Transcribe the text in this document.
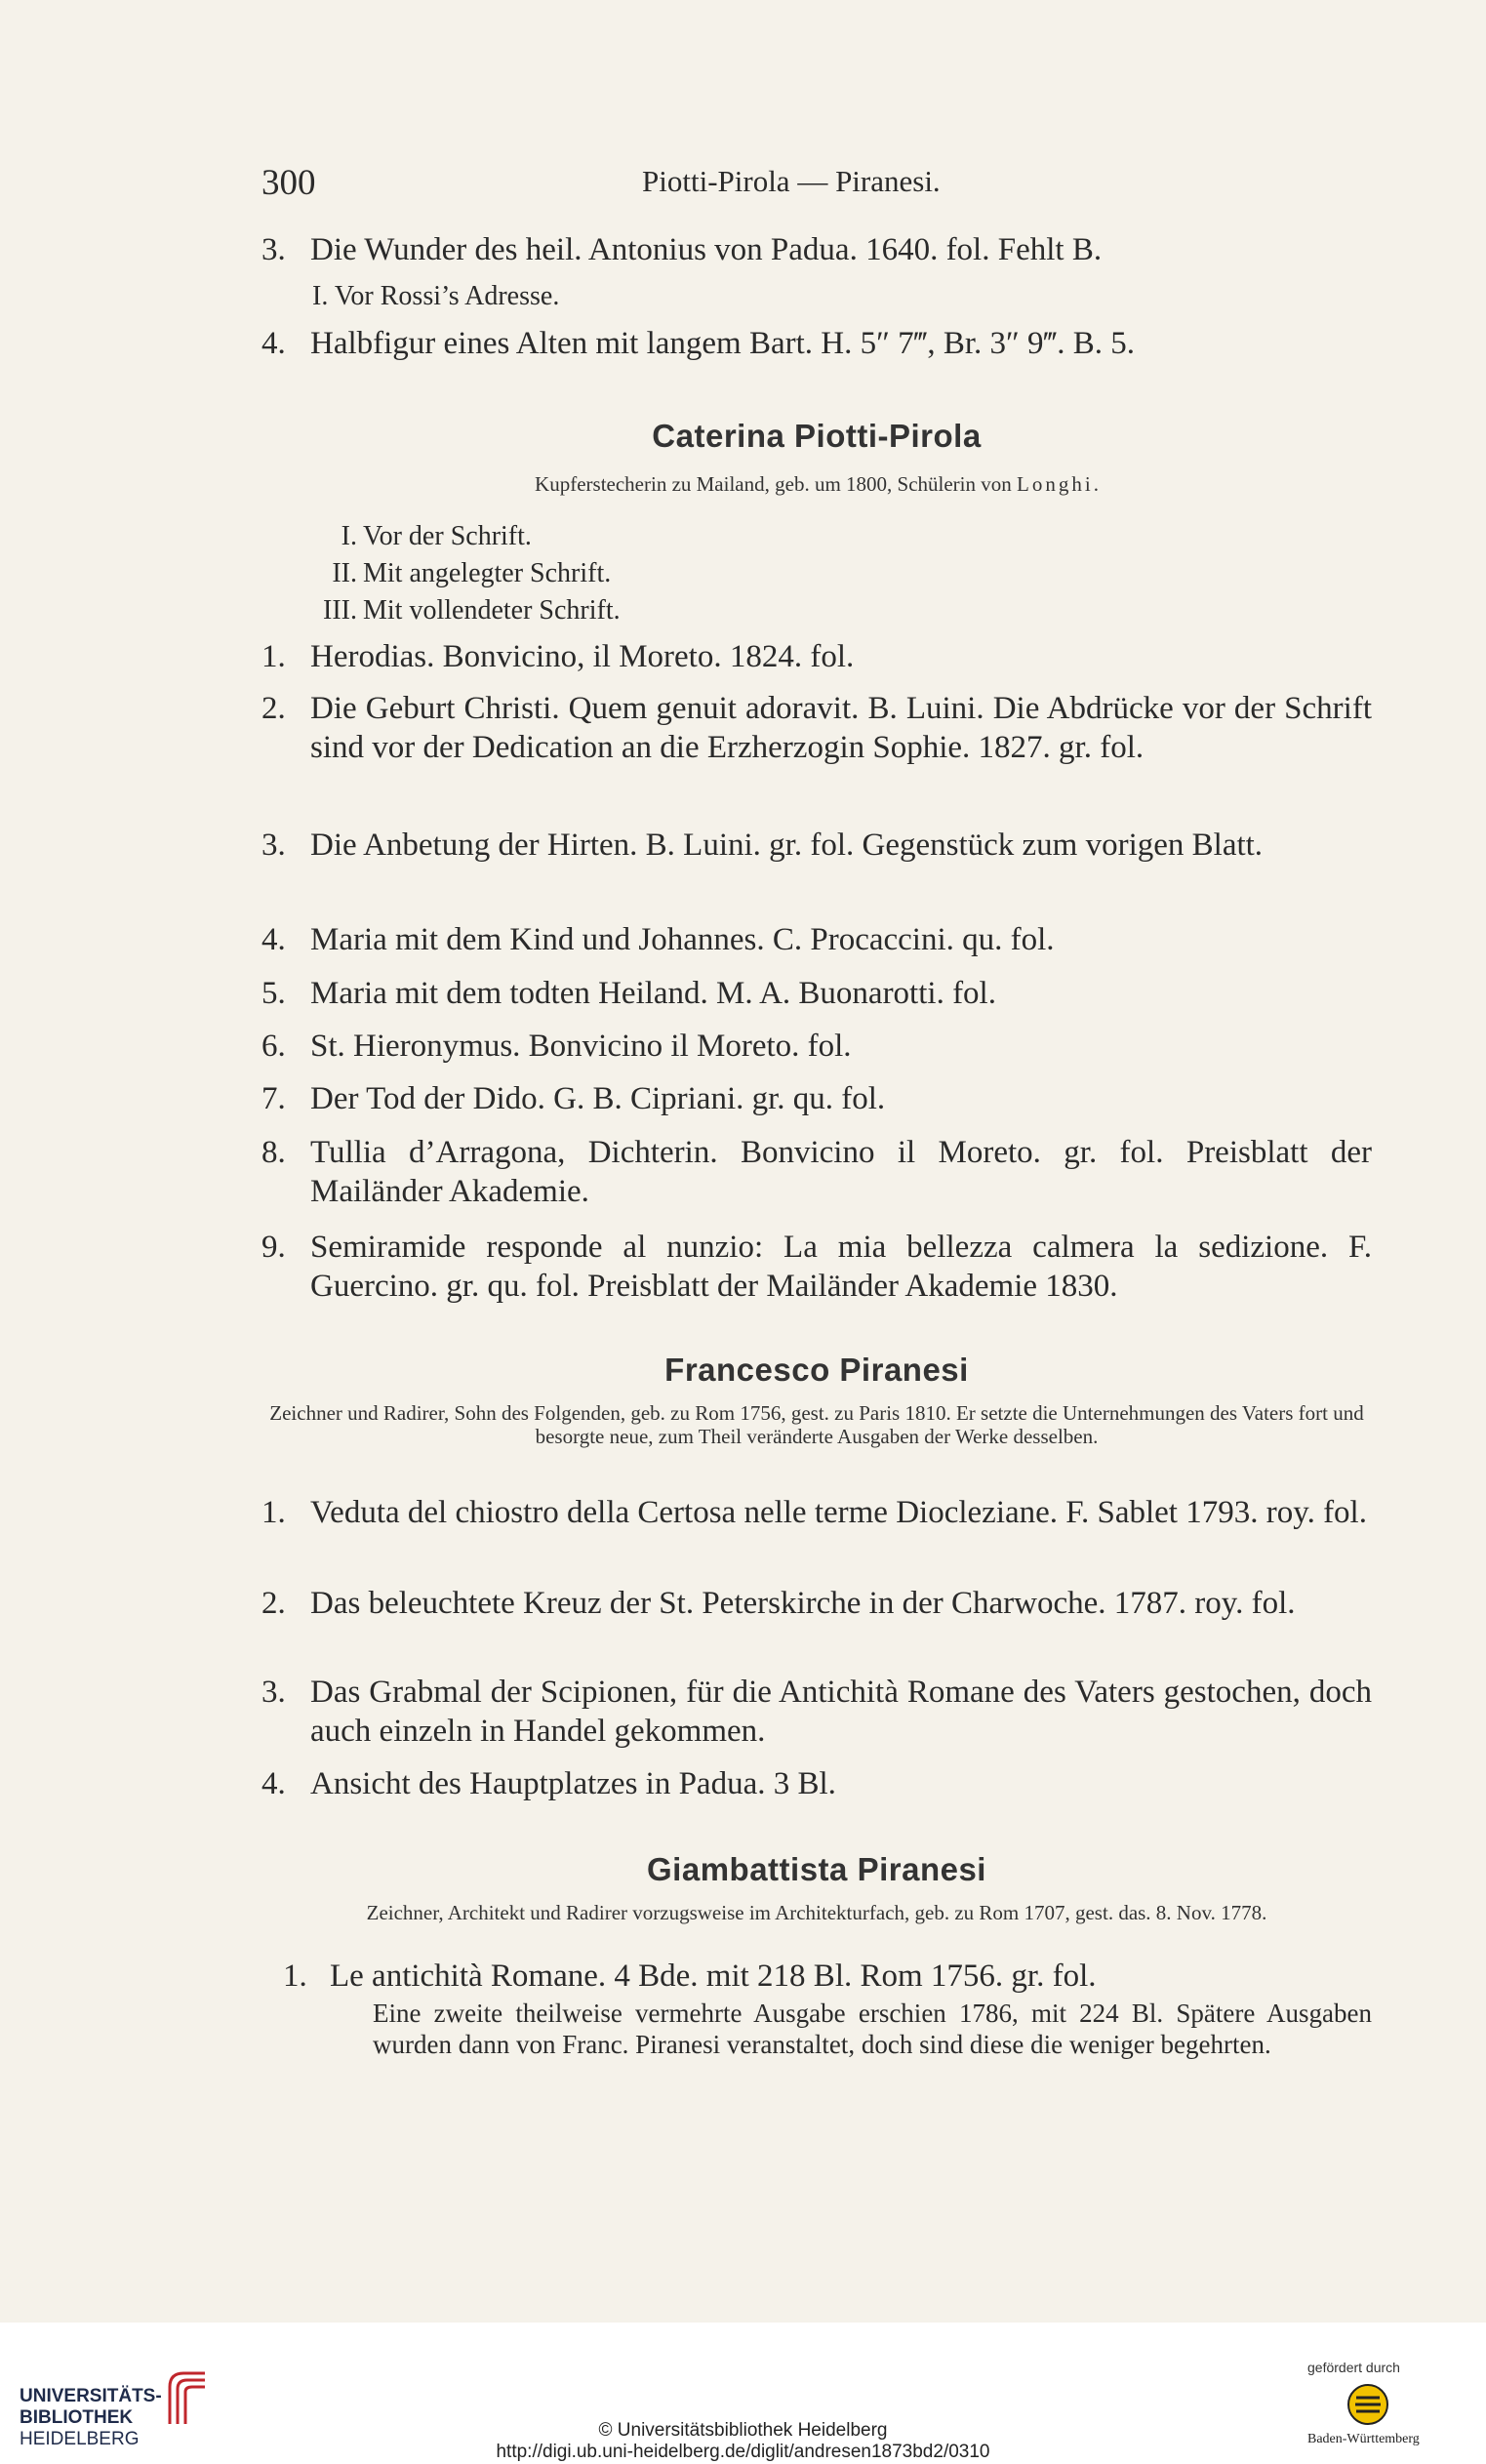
300	Piotti-Pirola — Piranesi.
3. Die Wunder des heil. Antonius von Padua. 1640. fol. Fehlt B.
I. Vor Rossi’s Adresse.
4. Halbfigur eines Alten mit langem Bart. H. 5″ 7‴, Br. 3″ 9‴. B. 5.
Caterina Piotti-Pirola
Kupferstecherin zu Mailand, geb. um 1800, Schülerin von Longhi.
I. Vor der Schrift.
II. Mit angelegter Schrift.
III. Mit vollendeter Schrift.
1. Herodias. Bonvicino, il Moreto. 1824. fol.
2. Die Geburt Christi. Quem genuit adoravit. B. Luini. Die Abdrücke vor der Schrift sind vor der Dedication an die Erzherzogin Sophie. 1827. gr. fol.
3. Die Anbetung der Hirten. B. Luini. gr. fol. Gegenstück zum vorigen Blatt.
4. Maria mit dem Kind und Johannes. C. Procaccini. qu. fol.
5. Maria mit dem todten Heiland. M. A. Buonarotti. fol.
6. St. Hieronymus. Bonvicino il Moreto. fol.
7. Der Tod der Dido. G. B. Cipriani. gr. qu. fol.
8. Tullia d’Arragona, Dichterin. Bonvicino il Moreto. gr. fol. Preisblatt der Mailänder Akademie.
9. Semiramide responde al nunzio: La mia bellezza calmera la sedizione. F. Guercino. gr. qu. fol. Preisblatt der Mailänder Akademie 1830.
Francesco Piranesi
Zeichner und Radirer, Sohn des Folgenden, geb. zu Rom 1756, gest. zu Paris 1810. Er setzte die Unternehmungen des Vaters fort und besorgte neue, zum Theil veränderte Ausgaben der Werke desselben.
1. Veduta del chiostro della Certosa nelle terme Diocleziane. F. Sablet 1793. roy. fol.
2. Das beleuchtete Kreuz der St. Peterskirche in der Charwoche. 1787. roy. fol.
3. Das Grabmal der Scipionen, für die Antichità Romane des Vaters gestochen, doch auch einzeln in Handel gekommen.
4. Ansicht des Hauptplatzes in Padua. 3 Bl.
Giambattista Piranesi
Zeichner, Architekt und Radirer vorzugsweise im Architekturfach, geb. zu Rom 1707, gest. das. 8. Nov. 1778.
1. Le antichità Romane. 4 Bde. mit 218 Bl. Rom 1756. gr. fol.
Eine zweite theilweise vermehrte Ausgabe erschien 1786, mit 224 Bl. Spätere Ausgaben wurden dann von Franc. Piranesi veranstaltet, doch sind diese die weniger begehrten.
UNIVERSITÄTS-
BIBLIOTHEK
HEIDELBERG	© Universitätsbibliothek Heidelberg
http://digi.ub.uni-heidelberg.de/diglit/andresen1873bd2/0310
gefördert durch
Baden-Württemberg
